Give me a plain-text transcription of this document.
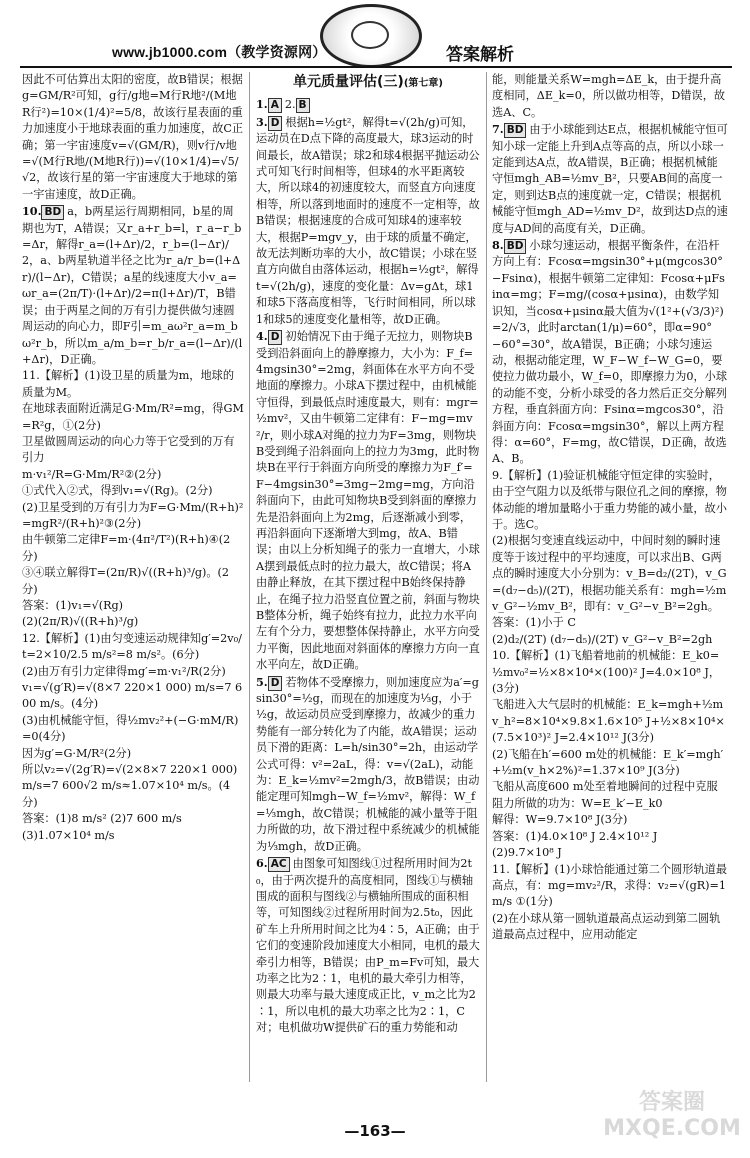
www.jb1000.com（教学资源网）	答案解析

因此不可估算出太阳的密度，故B错误；根据g=GM/R²可知，g行/g地=M行R地²/(M地R行²)=10×(1/4)²=5/8，故该行星表面的重力加速度小于地球表面的重力加速度，故C正确；第一宇宙速度v=√(GM/R)，则v行/v地=√(M行R地/(M地R行))=√(10×1/4)=√5/√2，故该行星的第一宇宙速度大于地球的第一宇宙速度，故D正确。

10. BD a，b两星运行周期相同，b星的周期也为T，A错误；又r_a+r_b=l，r_a−r_b=Δr，解得r_a=(l+Δr)/2，r_b=(l−Δr)/2，a、b两星轨道半径之比为r_a/r_b=(l+Δr)/(l−Δr)，C错误；a星的线速度大小v_a=ωr_a=(2π/T)·(l+Δr)/2=π(l+Δr)/T，B错误；由于两星之间的万有引力提供做匀速圆周运动的向心力，即F引=m_aω²r_a=m_bω²r_b，所以m_a/m_b=r_b/r_a=(l−Δr)/(l+Δr)，D正确。

11.【解析】(1)设卫星的质量为m，地球的质量为M。

在地球表面附近满足G·Mm/R²=mg，得GM=R²g，①(2分)

卫星做圆周运动的向心力等于它受到的万有引力

m·v₁²/R=G·Mm/R²②(2分)

①式代入②式，得到v₁=√(Rg)。(2分)

(2)卫星受到的万有引力为F=G·Mm/(R+h)²=mgR²/(R+h)²③(2分)

由牛顿第二定律F=m·(4π²/T²)(R+h)④(2分)

③④联立解得T=(2π/R)√((R+h)³/g)。(2分)

答案：(1)v₁=√(Rg)

(2)(2π/R)√((R+h)³/g)

12.【解析】(1)由匀变速运动规律知g′=2v₀/t=2×10/2.5 m/s²=8 m/s²。(6分)

(2)由万有引力定律得mg′=m·v₁²/R(2分)

v₁=√(g′R)=√(8×7 220×1 000) m/s=7 600 m/s。(4分)

(3)由机械能守恒，得½mv₂²+(−G·mM/R)=0(4分)

因为g′=G·M/R²(2分)

所以v₂=√(2g′R)=√(2×8×7 220×1 000) m/s=7 600√2 m/s≈1.07×10⁴ m/s。(4分)

答案：(1)8 m/s² (2)7 600 m/s

(3)1.07×10⁴ m/s

单元质量评估(三)(第七章)

1. A 2. B

3. D 根据h=½gt²，解得t=√(2h/g)可知，运动员在D点下降的高度最大，球3运动的时间最长，故A错误；球2和球4根据平抛运动公式可知飞行时间相等，但球4的水平距离较大，所以球4的初速度较大，而竖直方向速度相等，所以落到地面时的速度不一定相等，故B错误；根据速度的合成可知球4的速率较大，根据P=mgv_y，由于球的质量不确定，故无法判断功率的大小，故C错误；小球在竖直方向做自由落体运动，根据h=½gt²，解得t=√(2h/g)，速度的变化量：Δv=gΔt，球1和球5下落高度相等，飞行时间相同，所以球1和球5的速度变化量相等，故D正确。

4. D 初始情况下由于绳子无拉力，则物块B受到沿斜面向上的静摩擦力，大小为：F_f=4mgsin30°=2mg，斜面体在水平方向不受地面的摩擦力。小球A下摆过程中，由机械能守恒得，到最低点时速度最大，则有：mgr=½mv²，又由牛顿第二定律有：F−mg=mv²/r，则小球A对绳的拉力为F=3mg，则物块B受到绳子沿斜面向上的拉力为3mg，此时物块B在平行于斜面方向所受的摩擦力为F_f′=F−4mgsin30°=3mg−2mg=mg，方向沿斜面向下，由此可知物块B受到斜面的摩擦力先是沿斜面向上为2mg，后逐渐减小到零，再沿斜面向下逐渐增大到mg，故A、B错误；由以上分析知绳子的张力一直增大，小球A摆到最低点时的拉力最大，故C错误；将A由静止释放，在其下摆过程中B始终保持静止，在绳子拉力沿竖直位置之前，斜面与物块B整体分析，绳子始终有拉力，此拉力水平向左有个分力，要想整体保持静止，水平方向受力平衡，因此地面对斜面体的摩擦力方向一直水平向左，故D正确。

5. D 若物体不受摩擦力，则加速度应为a′=gsin30°=½g，而现在的加速度为⅓g，小于½g，故运动员应受到摩擦力，故减少的重力势能有一部分转化为了内能，故A错误；运动员下滑的距离：L=h/sin30°=2h，由运动学公式可得：v²=2aL，得：v=√(2aL)，动能为：E_k=½mv²=2mgh/3，故B错误；由动能定理可知mgh−W_f=½mv²，解得：W_f=⅓mgh，故C错误；机械能的减小量等于阻力所做的功，故下滑过程中系统减少的机械能为⅓mgh，故D正确。

6. AC 由图象可知图线①过程所用时间为2t₀，由于两次提升的高度相同，图线①与横轴围成的面积与图线②与横轴所围成的面积相等，可知图线②过程所用时间为2.5t₀，因此矿车上升所用时间之比为4∶5，A正确；由于它们的变速阶段加速度大小相同，电机的最大牵引力相等，B错误；由P_m=Fv可知，最大功率之比为2∶1，电机的最大牵引力相等，则最大功率与最大速度成正比，v_m之比为2∶1，所以电机的最大功率之比为2∶1，C对；电机做功W提供矿石的重力势能和动

能，则能量关系W=mgh=ΔE_k，由于提升高度相同，ΔE_k=0，所以做功相等，D错误，故选A、C。

7. BD 由于小球能到达E点，根据机械能守恒可知小球一定能上升到A点等高的点，所以小球一定能到达A点，故A错误，B正确；根据机械能守恒mgh_AB=½mv_B²，只要AB间的高度一定，则到达B点的速度就一定，C错误；根据机械能守恒mgh_AD=½mv_D²，故到达D点的速度与AD间的高度有关，D正确。

8. BD 小球匀速运动，根据平衡条件，在沿杆方向上有：Fcosα=mgsin30°+μ(mgcos30°−Fsinα)，根据牛顿第二定律知：Fcosα+μFsinα=mg；F=mg/(cosα+μsinα)，由数学知识知，当cosα+μsinα最大值为√(1²+(√3/3)²)=2/√3，此时arctan(1/μ)=60°，即α=90°−60°=30°，故A错误，B正确；小球匀速运动，根据动能定理，W_F−W_f−W_G=0，要使拉力做功最小，W_f=0，即摩擦力为0，小球的动能不变，分析小球受的各力然后正交分解列方程，垂直斜面方向：Fsinα=mgcos30°，沿斜面方向：Fcosα=mgsin30°，解以上两方程得：α=60°，F=mg，故C错误，D正确，故选A、B。

9.【解析】(1)验证机械能守恒定律的实验时，由于空气阻力以及纸带与限位孔之间的摩擦，物体动能的增加量略小于重力势能的减小量，故小于。选C。

(2)根据匀变速直线运动中，中间时刻的瞬时速度等于该过程中的平均速度，可以求出B、G两点的瞬时速度大小分别为：v_B=d₂/(2T)，v_G=(d₇−d₅)/(2T)，根据功能关系有：mgh=½mv_G²−½mv_B²，即有：v_G²−v_B²=2gh。

答案：(1)小于 C

(2)d₂/(2T) (d₇−d₅)/(2T) v_G²−v_B²=2gh

10.【解析】(1)飞船着地前的机械能：E_k0=½mv₀²=½×8×10⁴×(100)² J=4.0×10⁸ J，(3分)

飞船进入大气层时的机械能：E_k=mgh+½mv_h²=8×10⁴×9.8×1.6×10⁵ J+½×8×10⁴×(7.5×10³)² J=2.4×10¹² J(3分)

(2)飞船在h′=600 m处的机械能：E_k′=mgh′+½m(v_h×2%)²=1.37×10⁹ J(3分)

飞船从高度600 m处至着地瞬间的过程中克服阻力所做的功为：W=E_k′−E_k0

解得：W=9.7×10⁸ J(3分)

答案：(1)4.0×10⁸ J 2.4×10¹² J

(2)9.7×10⁸ J

11.【解析】(1)小球恰能通过第二个圆形轨道最高点，有：mg=mv₂²/R，求得：v₂=√(gR)=1 m/s ①(1分)

(2)在小球从第一圆轨道最高点运动到第二圆轨道最高点过程中，应用动能定

—163—
答案圈 MXQE.COM
